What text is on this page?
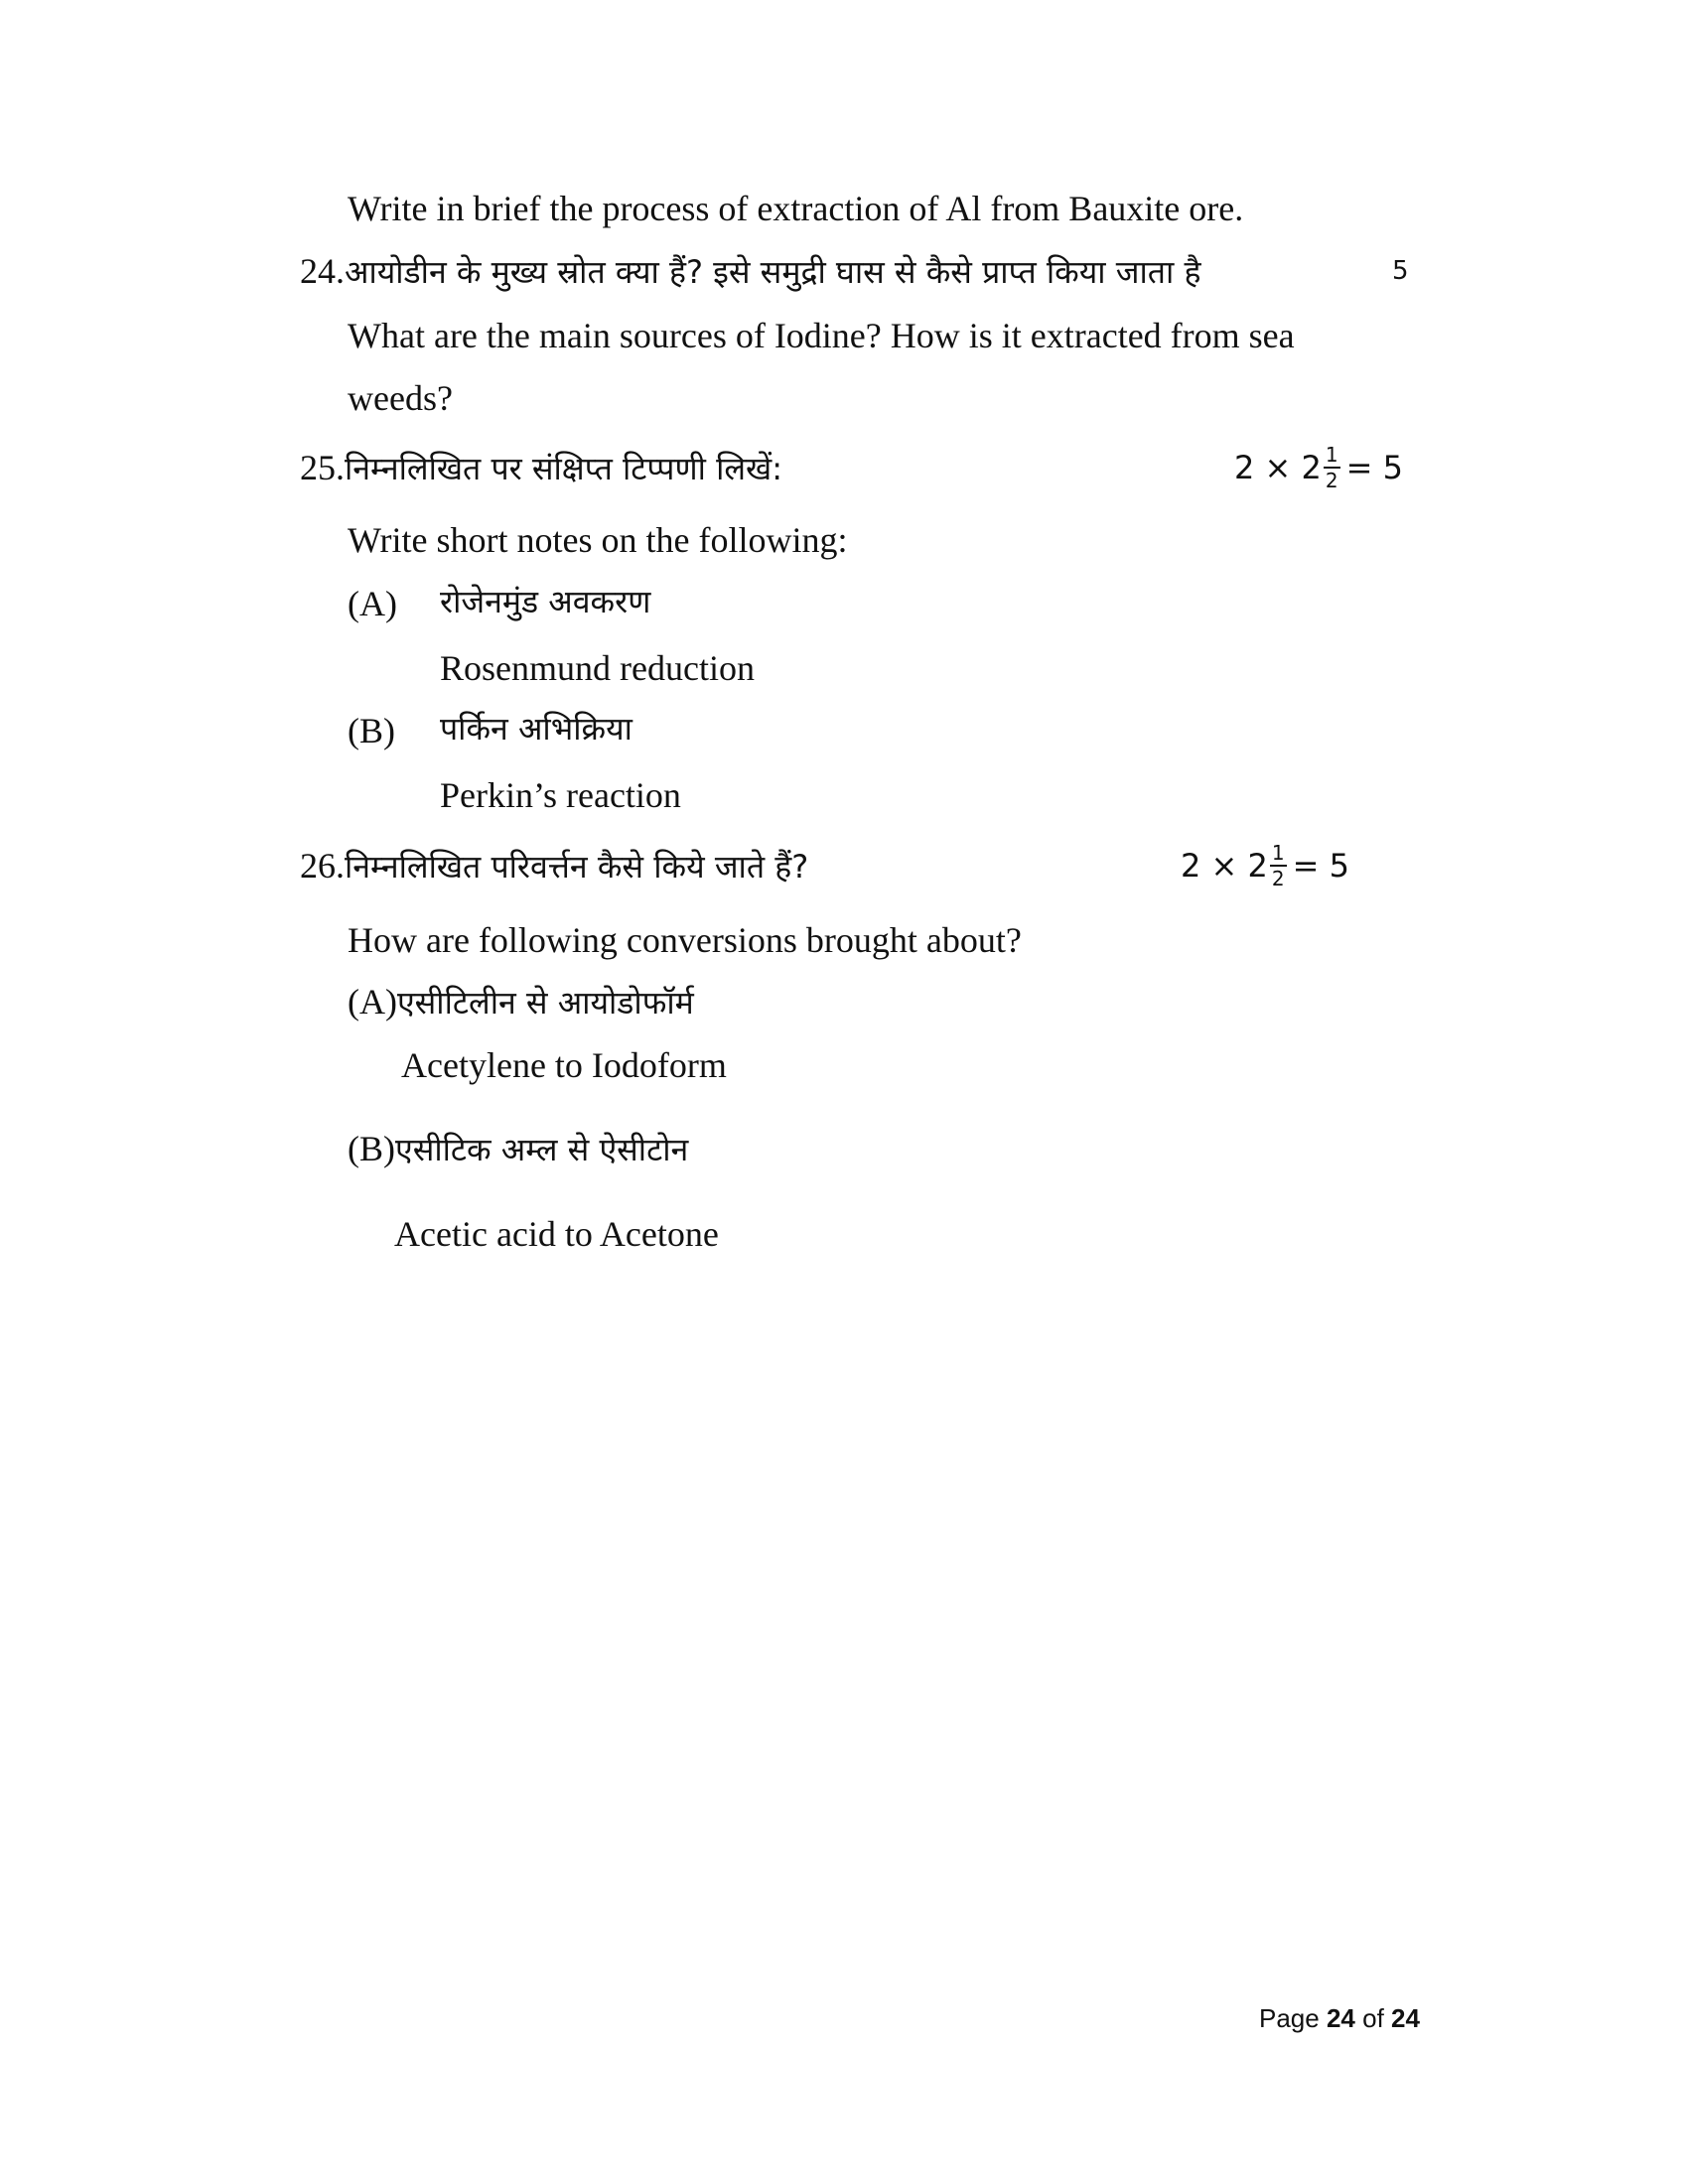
Write in brief the process of extraction of Al from Bauxite ore.
24.आयोडीन के मुख्य स्रोत क्या हैं? इसे समुद्री घास से कैसे प्राप्त किया जाता है	5
What are the main sources of Iodine? How is it extracted from sea
weeds?
25.निम्नलिखित पर संक्षिप्त टिप्पणी लिखें:	$2 \times 2 \frac{1}{2} = 5$
Write short notes on the following:
(A) रोजेनमुंड अवकरण
Rosenmund reduction
(B) पर्किन अभिक्रिया
Perkin’s reaction
26.निम्नलिखित परिवर्त्तन कैसे किये जाते हैं?	$2 \times 2 \frac{1}{2} = 5$
How are following conversions brought about?
(A)एसीटिलीन से आयोडोफॉर्म
Acetylene to Iodoform
(B)एसीटिक अम्ल से ऐसीटोन
Acetic acid to Acetone
Page 24 of 24
